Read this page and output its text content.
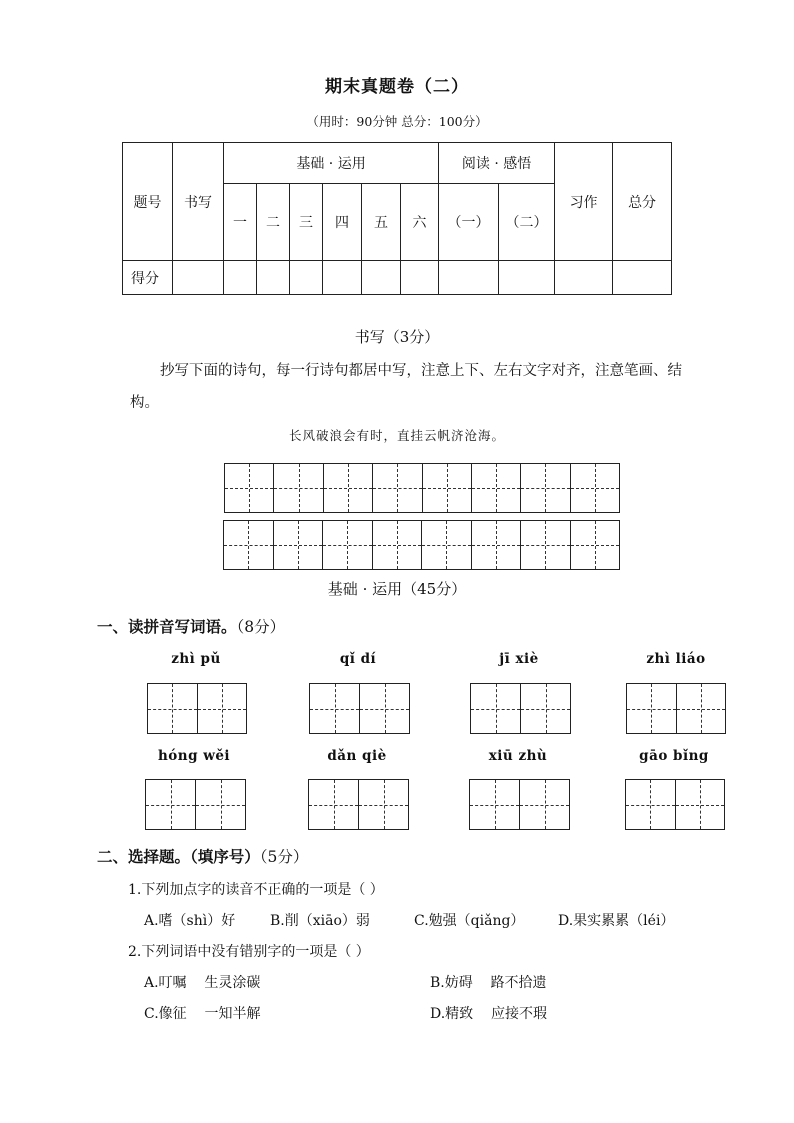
期末真题卷（二）
（用时：90分钟 总分：100分）
题号	书写	基础 · 运用						阅读 · 感悟		习作	总分
		一	二	三	四	五	六	（一）	（二）		
得分											
书写（3分）
抄写下面的诗句，每一行诗句都居中写，注意上下、左右文字对齐，注意笔画、结构。
长风破浪会有时，直挂云帆济沧海。
基础 · 运用（45分）
一、读拼音写词语。（8分）
zhì pǔ	qǐ dí	jī xiè	zhì liáo
hóng wěi	dǎn qiè	xiū zhù	gāo bǐng
二、选择题。（填序号）（5分）
1.下列加点字的读音不正确的一项是（ ）
A.嗜（shì）好 B.削（xiāo）弱	C.勉强（qiǎng） D.果实累累（léi）
2.下列词语中没有错别字的一项是（ ）
A.叮嘱    生灵涂碳	B.妨碍    路不拾遗
C.像征    一知半解	D.精致    应接不瑕
